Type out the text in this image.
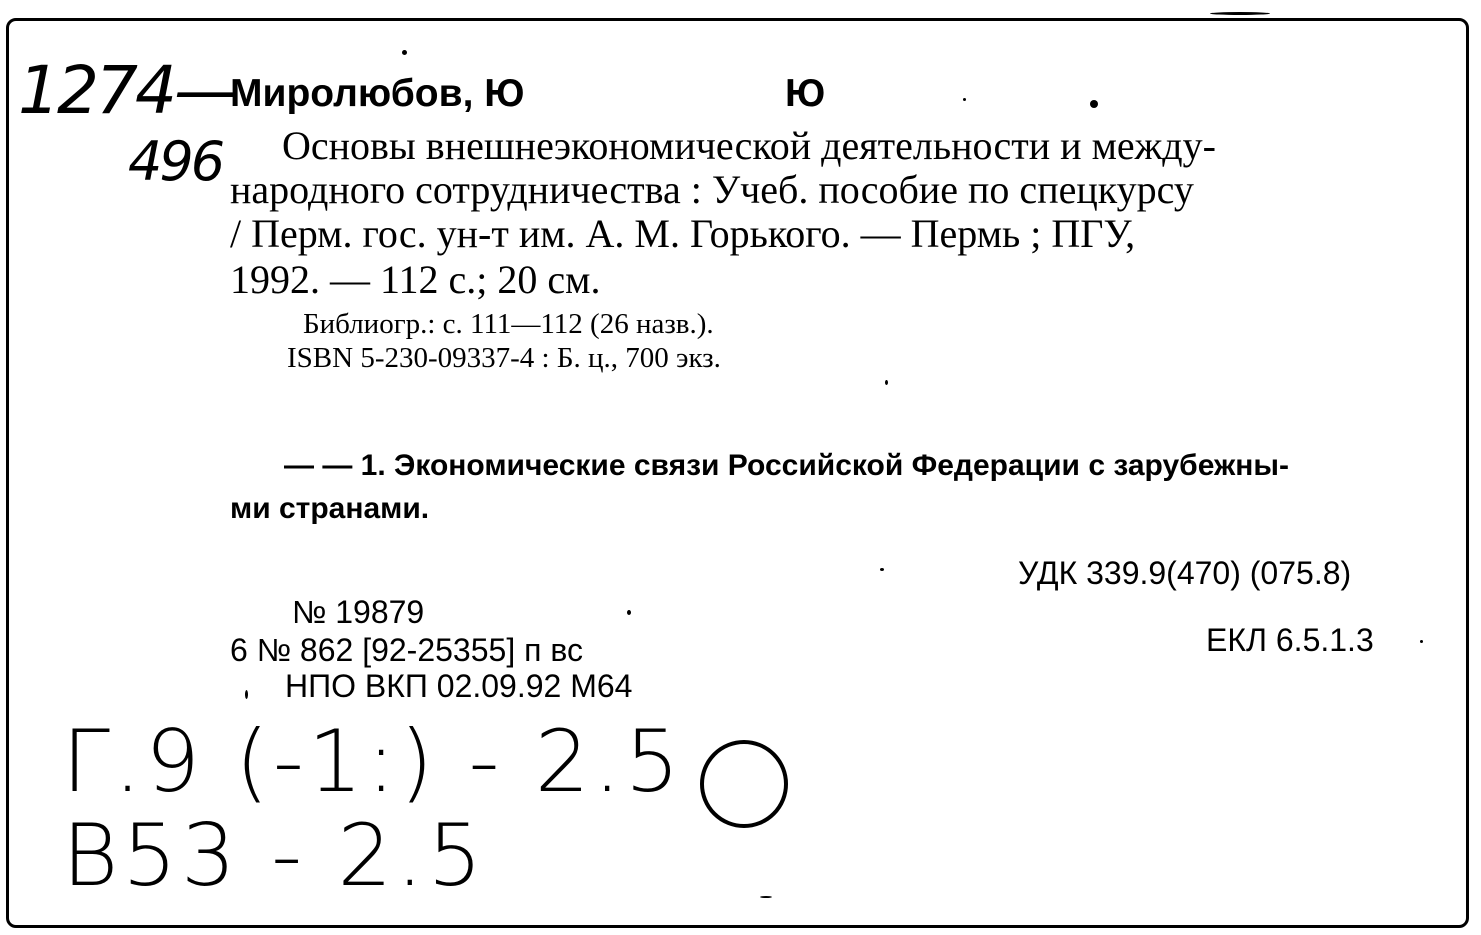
1274—
496
Миролюбов, Ю	Ю
Основы внешнеэкономической деятельности и между-
народного сотрудничества : Учеб. пособие по спецкурсу
/ Перм. гос. ун-т им. А. М. Горького. — Пермь ; ПГУ,
1992. — 112 с.; 20 см.
Библиогр.: с. 111—112 (26 назв.).
ISBN 5-230-09337-4 : Б. ц., 700 экз.
— — 1. Экономические связи Российской Федерации с зарубежны-
ми странами.
УДК 339.9(470) (075.8)
ЕКЛ 6.5.1.3
№ 19879
6 № 862 [92-25355] п вс
НПО ВКП 02.09.92 М64
Г.9 (-1:) - 2.5
В53 - 2.5
